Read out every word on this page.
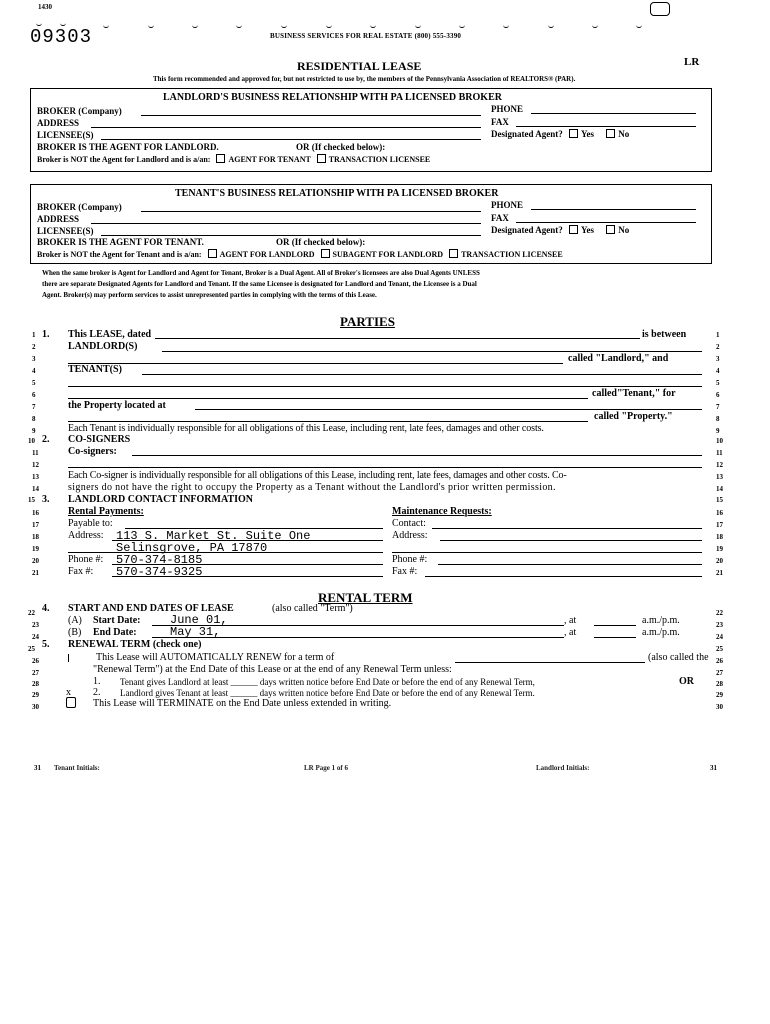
1430
09303	BUSINESS SERVICES FOR REAL ESTATE (800) 555-3390
RESIDENTIAL LEASE	LR
This form recommended and approved for, but not restricted to use by, the members of the Pennsylvania Association of REALTORS® (PAR).
LANDLORD'S BUSINESS RELATIONSHIP WITH PA LICENSED BROKER
BROKER (Company)	PHONE
ADDRESS	FAX
LICENSEE(S)	Designated Agent? Yes	No
BROKER IS THE AGENT FOR LANDLORD.	OR (If checked below):
Broker is NOT the Agent for Landlord and is a/an: AGENT FOR TENANT TRANSACTION LICENSEE
TENANT'S BUSINESS RELATIONSHIP WITH PA LICENSED BROKER
BROKER (Company)	PHONE
ADDRESS	FAX
LICENSEE(S)	Designated Agent? Yes	No
BROKER IS THE AGENT FOR TENANT.	OR (If checked below):
Broker is NOT the Agent for Tenant and is a/an: AGENT FOR LANDLORD SUBAGENT FOR LANDLORD TRANSACTION LICENSEE
When the same broker is Agent for Landlord and Agent for Tenant, Broker is a Dual Agent. All of Broker's licensees are also Dual Agents UNLESS
there are separate Designated Agents for Landlord and Tenant. If the same Licensee is designated for Landlord and Tenant, the Licensee is a Dual
Agent. Broker(s) may perform services to assist unrepresented parties in complying with the terms of this Lease.
PARTIES
1
2
3
4
5
6
7
8
9
10
11
12
13
14
15
16
17
18
19
20
21
22
23
24
25
26
27
28
29
30
1
2
3
4
5
6
7
8
9
10
11
12
13
14
15
16
17
18
19
20
21
22
23
24
25
26
27
28
29
30
1. This LEASE, dated	is between
LANDLORD(S)
called "Landlord," and
TENANT(S)
called"Tenant," for
the Property located at
called "Property."
Each Tenant is individually responsible for all obligations of this Lease, including rent, late fees, damages and other costs.
2. CO-SIGNERS
Co-signers:
Each Co-signer is individually responsible for all obligations of this Lease, including rent, late fees, damages and other costs. Co-
signers do not have the right to occupy the Property as a Tenant without the Landlord's prior written permission.
3. LANDLORD CONTACT INFORMATION
Rental Payments:	Maintenance Requests:
Payable to:	Contact:
Address: 113 S. Market St. Suite One
Selinsgrove, PA 17870
Address:
Phone #: 570-374-8185	Phone #:
Fax #: 570-374-9325	Fax #:
RENTAL TERM
4. START AND END DATES OF LEASE	(also called "Term")
(A) Start Date: June 01,	, at	a.m./p.m.
(B) End Date:	May 31,	, at	a.m./p.m.
5. RENEWAL TERM (check one)
This Lease will AUTOMATICALLY RENEW for a term of	(also called the
"Renewal Term") at the End Date of this Lease or at the end of any Renewal Term unless:
1. Tenant gives Landlord at least ______ days written notice before End Date or before the end of any Renewal Term,	OR
2. Landlord gives Tenant at least ______ days written notice before End Date or before the end of any Renewal Term.
x
This Lease will TERMINATE on the End Date unless extended in writing.
31 Tenant Initials:	LR Page 1 of 6	Landlord Initials:	31
